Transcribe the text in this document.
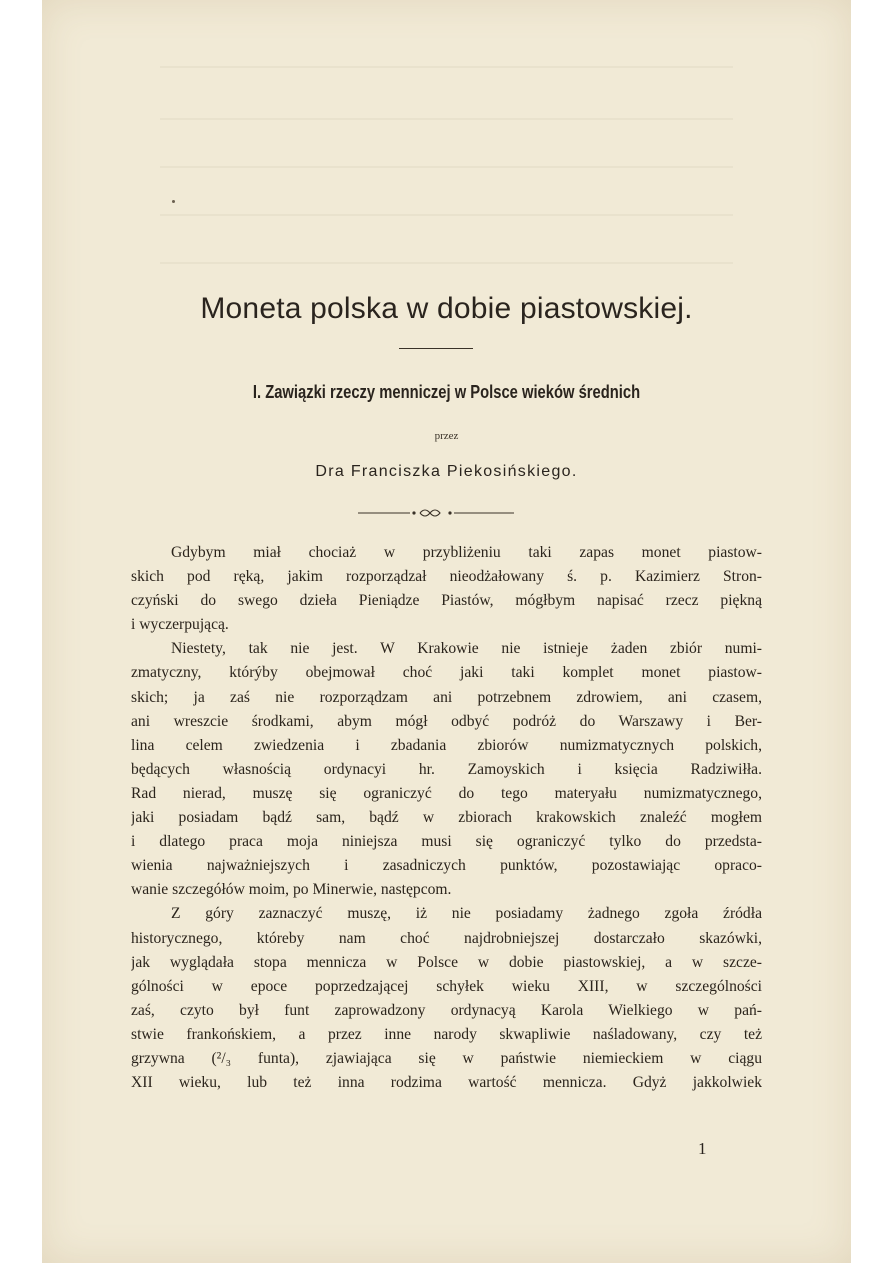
Moneta polska w dobie piastowskiej.
I. Zawiązki rzeczy menniczej w Polsce wieków średnich
przez
Dra Franciszka Piekosińskiego.
Gdybym miał chociaż w przybliżeniu taki zapas monet piastow-
skich pod ręką, jakim rozporządzał nieodżałowany ś. p. Kazimierz Stron-
czyński do swego dzieła Pieniądze Piastów, mógłbym napisać rzecz piękną
i wyczerpującą.
Niestety, tak nie jest. W Krakowie nie istnieje żaden zbiór numi-
zmatyczny, którýby obejmował choć jaki taki komplet monet piastow-
skich; ja zaś nie rozporządzam ani potrzebnem zdrowiem, ani czasem,
ani wreszcie środkami, abym mógł odbyć podróż do Warszawy i Ber-
lina celem zwiedzenia i zbadania zbiorów numizmatycznych polskich,
będących własnością ordynacyi hr. Zamoyskich i księcia Radziwiłła.
Rad nierad, muszę się ograniczyć do tego materyału numizmatycznego,
jaki posiadam bądź sam, bądź w zbiorach krakowskich znaleźć mogłem
i dlatego praca moja niniejsza musi się ograniczyć tylko do przedsta-
wienia najważniejszych i zasadniczych punktów, pozostawiając opraco-
wanie szczegółów moim, po Minerwie, następcom.
Z góry zaznaczyć muszę, iż nie posiadamy żadnego zgoła źródła
historycznego, któreby nam choć najdrobniejszej dostarczało skazówki,
jak wyglądała stopa mennicza w Polsce w dobie piastowskiej, a w szcze-
gólności w epoce poprzedzającej schyłek wieku XIII, w szczególności
zaś, czyto był funt zaprowadzony ordynacyą Karola Wielkiego w pań-
stwie frankońskiem, a przez inne narody skwapliwie naśladowany, czy też
grzywna (²/₃ funta), zjawiająca się w państwie niemieckiem w ciągu
XII wieku, lub też inna rodzima wartość mennicza. Gdyż jakkolwiek
1
